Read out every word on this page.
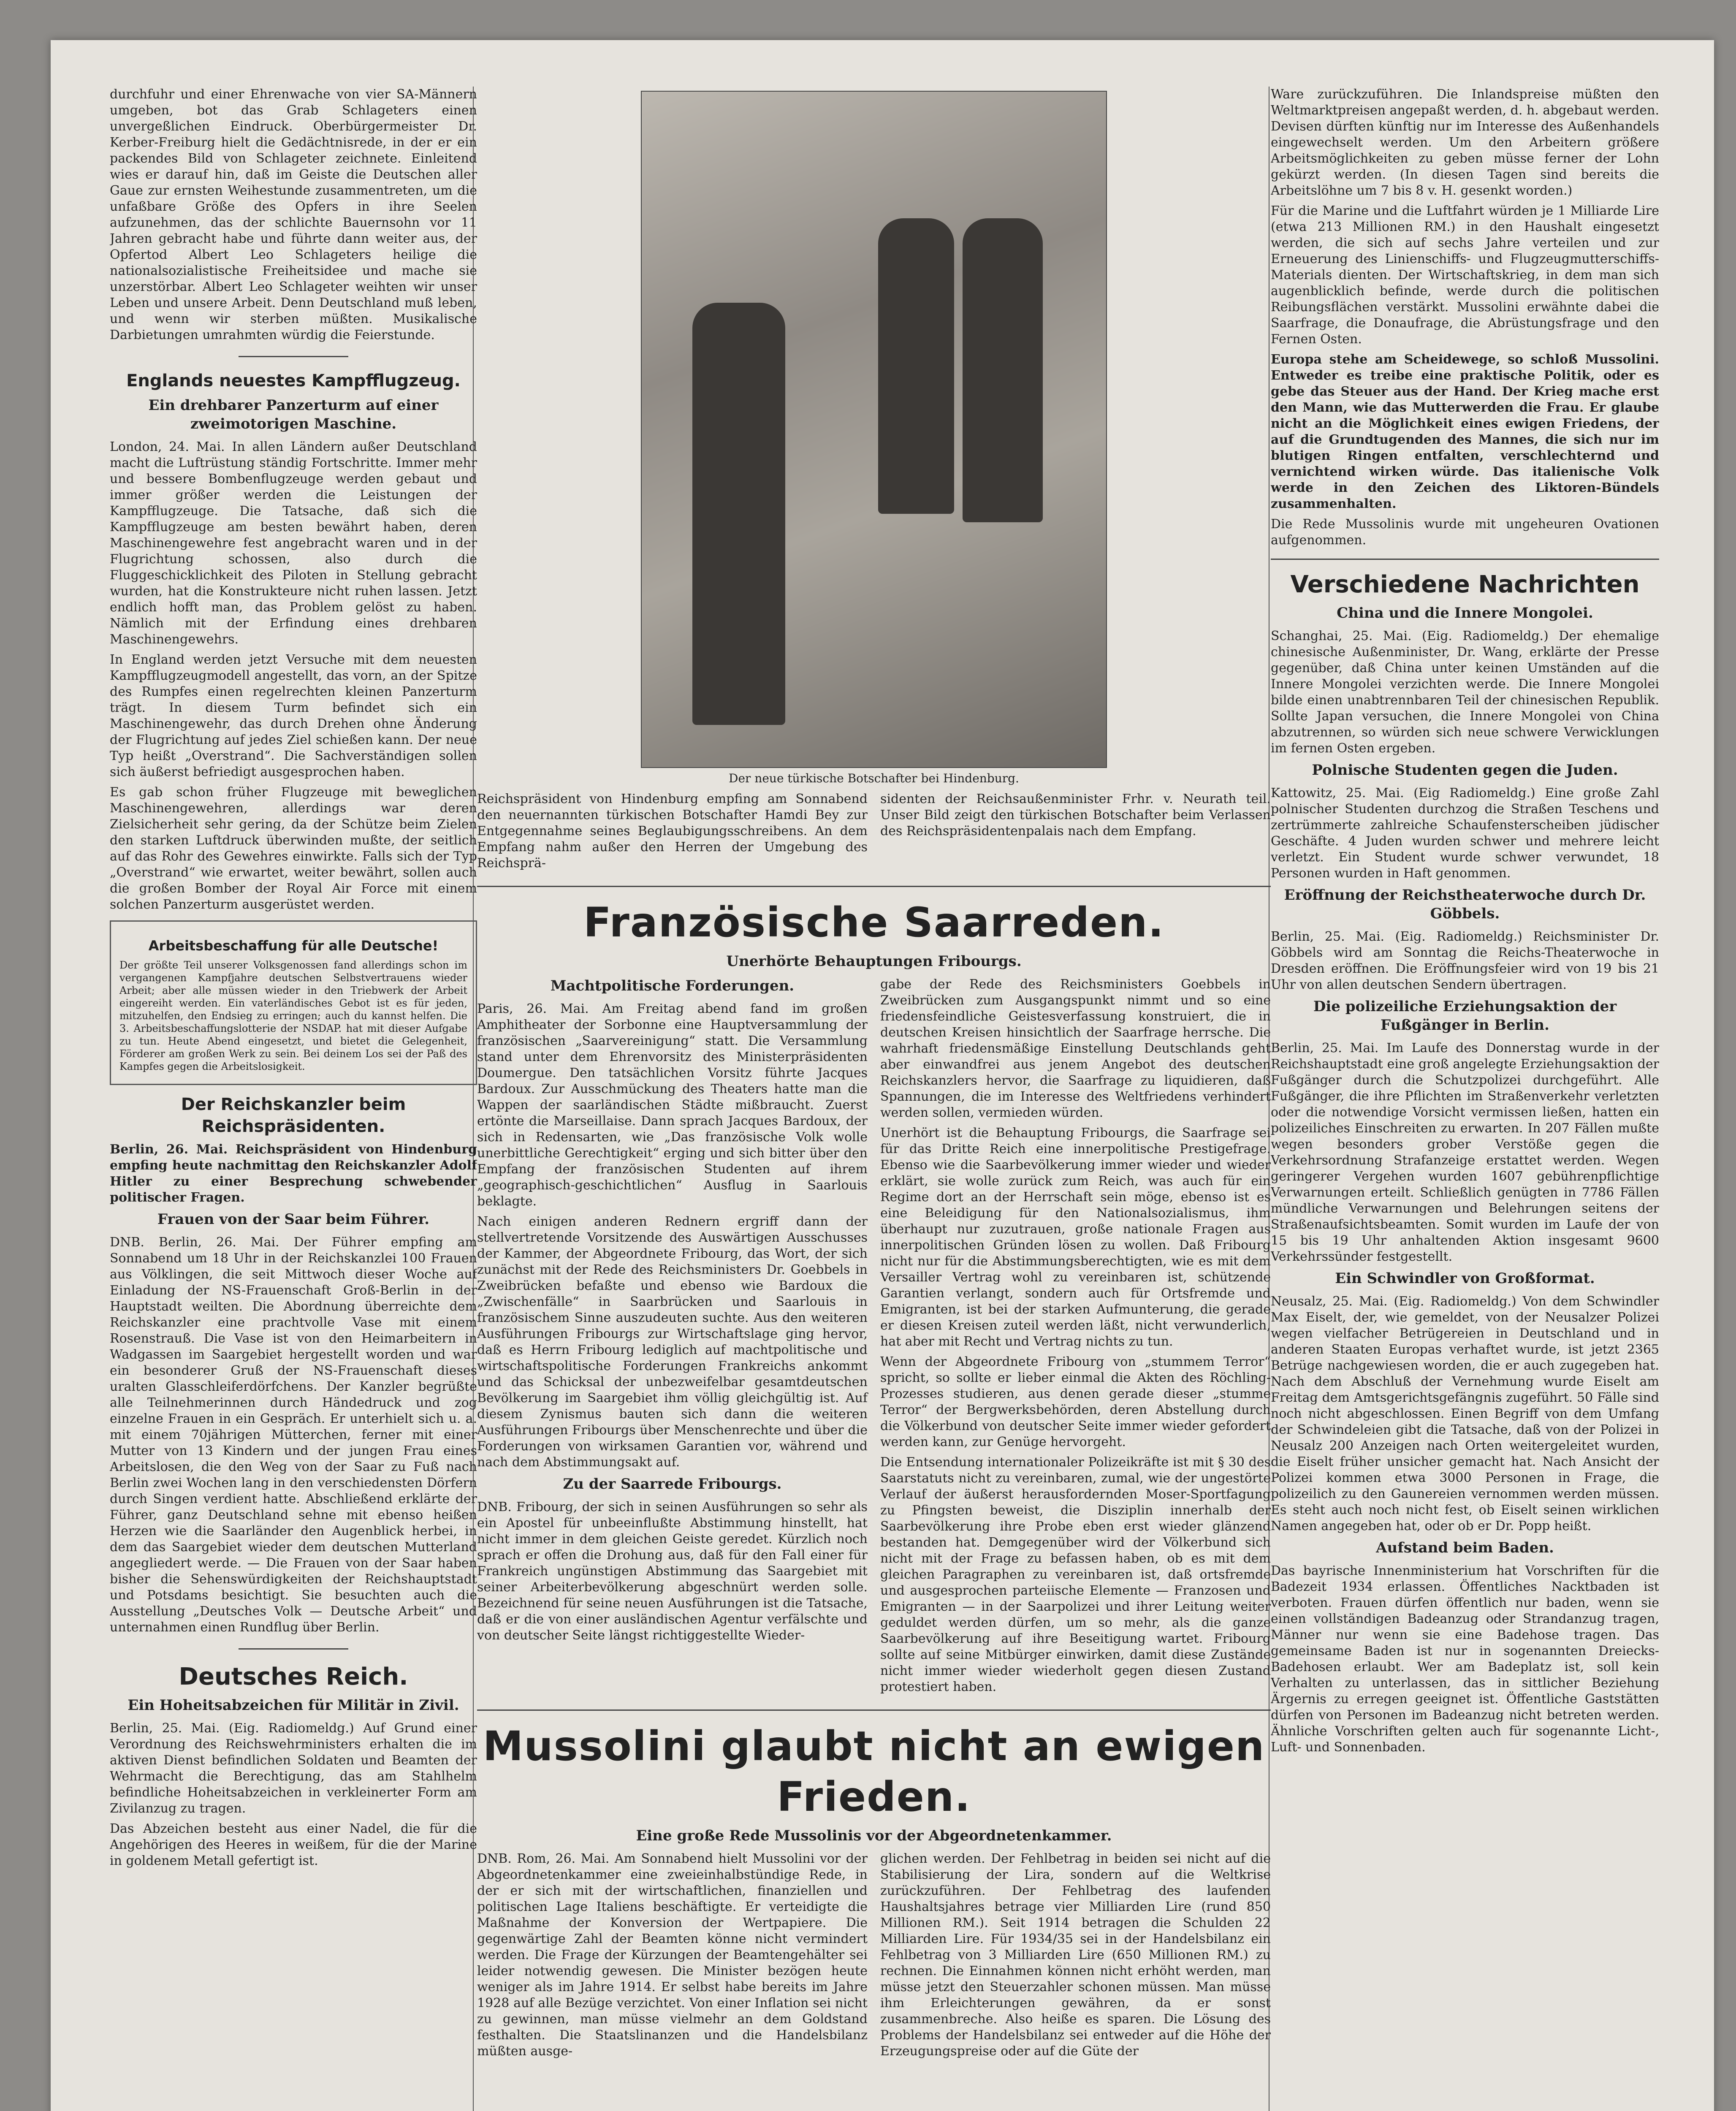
durchfuhr und einer Ehrenwache von vier SA-Männern umgeben, bot das Grab Schlageters einen unvergeßlichen Eindruck. Oberbürgermeister Dr. Kerber-Freiburg hielt die Gedächtnisrede, in der er ein packendes Bild von Schlageter zeichnete. Einleitend wies er darauf hin, daß im Geiste die Deutschen aller Gaue zur ernsten Weihestunde zusammentreten, um die unfaßbare Größe des Opfers in ihre Seelen aufzunehmen, das der schlichte Bauernsohn vor 11 Jahren gebracht habe und führte dann weiter aus, der Opfertod Albert Leo Schlageters heilige die nationalsozialistische Freiheitsidee und mache sie unzerstörbar. Albert Leo Schlageter weihten wir unser Leben und unsere Arbeit. Denn Deutschland muß leben, und wenn wir sterben müßten. Musikalische Darbietungen umrahmten würdig die Feierstunde.

Englands neuestes Kampfflugzeug.
Ein drehbarer Panzerturm auf einer zweimotorigen Maschine.

London, 24. Mai. In allen Ländern außer Deutschland macht die Luftrüstung ständig Fortschritte. Immer mehr und bessere Bombenflugzeuge werden gebaut und immer größer werden die Leistungen der Kampfflugzeuge. Die Tatsache, daß sich die Kampfflugzeuge am besten bewährt haben, deren Maschinengewehre fest angebracht waren und in der Flugrichtung schossen, also durch die Fluggeschicklichkeit des Piloten in Stellung gebracht wurden, hat die Konstrukteure nicht ruhen lassen. Jetzt endlich hofft man, das Problem gelöst zu haben. Nämlich mit der Erfindung eines drehbaren Maschinengewehrs.

In England werden jetzt Versuche mit dem neuesten Kampfflugzeugmodell angestellt, das vorn, an der Spitze des Rumpfes einen regelrechten kleinen Panzerturm trägt. In diesem Turm befindet sich ein Maschinengewehr, das durch Drehen ohne Änderung der Flugrichtung auf jedes Ziel schießen kann. Der neue Typ heißt „Overstrand“. Die Sachverständigen sollen sich äußerst befriedigt ausgesprochen haben.

Es gab schon früher Flugzeuge mit beweglichen Maschinengewehren, allerdings war deren Zielsicherheit sehr gering, da der Schütze beim Zielen den starken Luftdruck überwinden mußte, der seitlich auf das Rohr des Gewehres einwirkte. Falls sich der Typ „Overstrand“ wie erwartet, weiter bewährt, sollen auch die großen Bomber der Royal Air Force mit einem solchen Panzerturm ausgerüstet werden.

Arbeitsbeschaffung für alle Deutsche!

Der größte Teil unserer Volksgenossen fand allerdings schon im vergangenen Kampfjahre deutschen Selbstvertrauens wieder Arbeit; aber alle müssen wieder in den Triebwerk der Arbeit eingereiht werden. Ein vaterländisches Gebot ist es für jeden, mitzuhelfen, den Endsieg zu erringen; auch du kannst helfen. Die 3. Arbeitsbeschaffungslotterie der NSDAP. hat mit dieser Aufgabe zu tun. Heute Abend eingesetzt, und bietet die Gelegenheit, Förderer am großen Werk zu sein. Bei deinem Los sei der Paß des Kampfes gegen die Arbeitslosigkeit.

Der Reichskanzler beim Reichspräsidenten.

Berlin, 26. Mai. Reichspräsident von Hindenburg empfing heute nachmittag den Reichskanzler Adolf Hitler zu einer Besprechung schwebender politischer Fragen.

Frauen von der Saar beim Führer.

DNB. Berlin, 26. Mai. Der Führer empfing am Sonnabend um 18 Uhr in der Reichskanzlei 100 Frauen aus Völklingen, die seit Mittwoch dieser Woche auf Einladung der NS-Frauenschaft Groß-Berlin in der Hauptstadt weilten. Die Abordnung überreichte dem Reichskanzler eine prachtvolle Vase mit einem Rosenstrauß. Die Vase ist von den Heimarbeitern in Wadgassen im Saargebiet hergestellt worden und war ein besonderer Gruß der NS-Frauenschaft dieses uralten Glasschleiferdörfchens. Der Kanzler begrüßte alle Teilnehmerinnen durch Händedruck und zog einzelne Frauen in ein Gespräch. Er unterhielt sich u. a. mit einem 70jährigen Mütterchen, ferner mit einer Mutter von 13 Kindern und der jungen Frau eines Arbeitslosen, die den Weg von der Saar zu Fuß nach Berlin zwei Wochen lang in den verschiedensten Dörfern durch Singen verdient hatte. Abschließend erklärte der Führer, ganz Deutschland sehne mit ebenso heißen Herzen wie die Saarländer den Augenblick herbei, in dem das Saargebiet wieder dem deutschen Mutterland angegliedert werde. — Die Frauen von der Saar haben bisher die Sehenswürdigkeiten der Reichshauptstadt und Potsdams besichtigt. Sie besuchten auch die Ausstellung „Deutsches Volk — Deutsche Arbeit“ und unternahmen einen Rundflug über Berlin.

Deutsches Reich.
Ein Hoheitsabzeichen für Militär in Zivil.

Berlin, 25. Mai. (Eig. Radiomeldg.) Auf Grund einer Verordnung des Reichswehrministers erhalten die im aktiven Dienst befindlichen Soldaten und Beamten der Wehrmacht die Berechtigung, das am Stahlhelm befindliche Hoheitsabzeichen in verkleinerter Form am Zivilanzug zu tragen.

Das Abzeichen besteht aus einer Nadel, die für die Angehörigen des Heeres in weißem, für die der Marine in goldenem Metall gefertigt ist.

Der neue türkische Botschafter bei Hindenburg.

Reichspräsident von Hindenburg empfing am Sonnabend den neuernannten türkischen Botschafter Hamdi Bey zur Entgegennahme seines Beglaubigungsschreibens. An dem Empfang nahm außer den Herren der Umgebung des Reichsprä-

sidenten der Reichsaußenminister Frhr. v. Neurath teil. Unser Bild zeigt den türkischen Botschafter beim Verlassen des Reichspräsidentenpalais nach dem Empfang.

Französische Saarreden.
Unerhörte Behauptungen Fribourgs.
Machtpolitische Forderungen.

Paris, 26. Mai. Am Freitag abend fand im großen Amphitheater der Sorbonne eine Hauptversammlung der französischen „Saarvereinigung“ statt. Die Versammlung stand unter dem Ehrenvorsitz des Ministerpräsidenten Doumergue. Den tatsächlichen Vorsitz führte Jacques Bardoux. Zur Ausschmückung des Theaters hatte man die Wappen der saarländischen Städte mißbraucht. Zuerst ertönte die Marseillaise. Dann sprach Jacques Bardoux, der sich in Redensarten, wie „Das französische Volk wolle unerbittliche Gerechtigkeit“ erging und sich bitter über den Empfang der französischen Studenten auf ihrem „geographisch-geschichtlichen“ Ausflug in Saarlouis beklagte.

Nach einigen anderen Rednern ergriff dann der stellvertretende Vorsitzende des Auswärtigen Ausschusses der Kammer, der Abgeordnete Fribourg, das Wort, der sich zunächst mit der Rede des Reichsministers Dr. Goebbels in Zweibrücken befaßte und ebenso wie Bardoux die „Zwischenfälle“ in Saarbrücken und Saarlouis in französischem Sinne auszudeuten suchte. Aus den weiteren Ausführungen Fribourgs zur Wirtschaftslage ging hervor, daß es Herrn Fribourg lediglich auf machtpolitische und wirtschaftspolitische Forderungen Frankreichs ankommt und das Schicksal der unbezweifelbar gesamtdeutschen Bevölkerung im Saargebiet ihm völlig gleichgültig ist. Auf diesem Zynismus bauten sich dann die weiteren Ausführungen Fribourgs über Menschenrechte und über die Forderungen von wirksamen Garantien vor, während und nach dem Abstimmungsakt auf.

Zu der Saarrede Fribourgs.

DNB. Fribourg, der sich in seinen Ausführungen so sehr als ein Apostel für unbeeinflußte Abstimmung hinstellt, hat nicht immer in dem gleichen Geiste geredet. Kürzlich noch sprach er offen die Drohung aus, daß für den Fall einer für Frankreich ungünstigen Abstimmung das Saargebiet mit seiner Arbeiterbevölkerung abgeschnürt werden solle. Bezeichnend für seine neuen Ausführungen ist die Tatsache, daß er die von einer ausländischen Agentur verfälschte und von deutscher Seite längst richtiggestellte Wieder-

gabe der Rede des Reichsministers Goebbels in Zweibrücken zum Ausgangspunkt nimmt und so eine friedensfeindliche Geistesverfassung konstruiert, die in deutschen Kreisen hinsichtlich der Saarfrage herrsche. Die wahrhaft friedensmäßige Einstellung Deutschlands geht aber einwandfrei aus jenem Angebot des deutschen Reichskanzlers hervor, die Saarfrage zu liquidieren, daß Spannungen, die im Interesse des Weltfriedens verhindert werden sollen, vermieden würden.

Unerhört ist die Behauptung Fribourgs, die Saarfrage sei für das Dritte Reich eine innerpolitische Prestigefrage. Ebenso wie die Saarbevölkerung immer wieder und wieder erklärt, sie wolle zurück zum Reich, was auch für ein Regime dort an der Herrschaft sein möge, ebenso ist es eine Beleidigung für den Nationalsozialismus, ihm überhaupt nur zuzutrauen, große nationale Fragen aus innerpolitischen Gründen lösen zu wollen. Daß Fribourg nicht nur für die Abstimmungsberechtigten, wie es mit dem Versailler Vertrag wohl zu vereinbaren ist, schützende Garantien verlangt, sondern auch für Ortsfremde und Emigranten, ist bei der starken Aufmunterung, die gerade er diesen Kreisen zuteil werden läßt, nicht verwunderlich, hat aber mit Recht und Vertrag nichts zu tun.

Wenn der Abgeordnete Fribourg von „stummem Terror“ spricht, so sollte er lieber einmal die Akten des Röchling-Prozesses studieren, aus denen gerade dieser „stumme Terror“ der Bergwerksbehörden, deren Abstellung durch die Völkerbund von deutscher Seite immer wieder gefordert werden kann, zur Genüge hervorgeht.

Die Entsendung internationaler Polizeikräfte ist mit § 30 des Saarstatuts nicht zu vereinbaren, zumal, wie der ungestörte Verlauf der äußerst herausfordernden Moser-Sportfagung zu Pfingsten beweist, die Disziplin innerhalb der Saarbevölkerung ihre Probe eben erst wieder glänzend bestanden hat. Demgegenüber wird der Völkerbund sich nicht mit der Frage zu befassen haben, ob es mit dem gleichen Paragraphen zu vereinbaren ist, daß ortsfremde und ausgesprochen parteiische Elemente — Franzosen und Emigranten — in der Saarpolizei und ihrer Leitung weiter geduldet werden dürfen, um so mehr, als die ganze Saarbevölkerung auf ihre Beseitigung wartet. Fribourg sollte auf seine Mitbürger einwirken, damit diese Zustände nicht immer wieder wiederholt gegen diesen Zustand protestiert haben.

Mussolini glaubt nicht an ewigen Frieden.
Eine große Rede Mussolinis vor der Abgeordnetenkammer.

DNB. Rom, 26. Mai. Am Sonnabend hielt Mussolini vor der Abgeordnetenkammer eine zweieinhalbstündige Rede, in der er sich mit der wirtschaftlichen, finanziellen und politischen Lage Italiens beschäftigte. Er verteidigte die Maßnahme der Konversion der Wertpapiere. Die gegenwärtige Zahl der Beamten könne nicht vermindert werden. Die Frage der Kürzungen der Beamtengehälter sei leider notwendig gewesen. Die Minister bezögen heute weniger als im Jahre 1914. Er selbst habe bereits im Jahre 1928 auf alle Bezüge verzichtet. Von einer Inflation sei nicht zu gewinnen, man müsse vielmehr an dem Goldstand festhalten. Die Staatslinanzen und die Handelsbilanz müßten ausge-

glichen werden. Der Fehlbetrag in beiden sei nicht auf die Stabilisierung der Lira, sondern auf die Weltkrise zurückzuführen. Der Fehlbetrag des laufenden Haushaltsjahres betrage vier Milliarden Lire (rund 850 Millionen RM.). Seit 1914 betragen die Schulden 22 Milliarden Lire. Für 1934/35 sei in der Handelsbilanz ein Fehlbetrag von 3 Milliarden Lire (650 Millionen RM.) zu rechnen. Die Einnahmen können nicht erhöht werden, man müsse jetzt den Steuerzahler schonen müssen. Man müsse ihm Erleichterungen gewähren, da er sonst zusammenbreche. Also heiße es sparen. Die Lösung des Problems der Handelsbilanz sei entweder auf die Höhe der Erzeugungspreise oder auf die Güte der

Ware zurückzuführen. Die Inlandspreise müßten den Weltmarktpreisen angepaßt werden, d. h. abgebaut werden. Devisen dürften künftig nur im Interesse des Außenhandels eingewechselt werden. Um den Arbeitern größere Arbeitsmöglichkeiten zu geben müsse ferner der Lohn gekürzt werden. (In diesen Tagen sind bereits die Arbeitslöhne um 7 bis 8 v. H. gesenkt worden.)

Für die Marine und die Luftfahrt würden je 1 Milliarde Lire (etwa 213 Millionen RM.) in den Haushalt eingesetzt werden, die sich auf sechs Jahre verteilen und zur Erneuerung des Linienschiffs- und Flugzeugmutterschiffs-Materials dienten. Der Wirtschaftskrieg, in dem man sich augenblicklich befinde, werde durch die politischen Reibungsflächen verstärkt. Mussolini erwähnte dabei die Saarfrage, die Donaufrage, die Abrüstungsfrage und den Fernen Osten.

Europa stehe am Scheidewege, so schloß Mussolini. Entweder es treibe eine praktische Politik, oder es gebe das Steuer aus der Hand. Der Krieg mache erst den Mann, wie das Mutterwerden die Frau. Er glaube nicht an die Möglichkeit eines ewigen Friedens, der auf die Grundtugenden des Mannes, die sich nur im blutigen Ringen entfalten, verschlechternd und vernichtend wirken würde. Das italienische Volk werde in den Zeichen des Liktoren-Bündels zusammenhalten.

Die Rede Mussolinis wurde mit ungeheuren Ovationen aufgenommen.

Verschiedene Nachrichten
China und die Innere Mongolei.

Schanghai, 25. Mai. (Eig. Radiomeldg.) Der ehemalige chinesische Außenminister, Dr. Wang, erklärte der Presse gegenüber, daß China unter keinen Umständen auf die Innere Mongolei verzichten werde. Die Innere Mongolei bilde einen unabtrennbaren Teil der chinesischen Republik. Sollte Japan versuchen, die Innere Mongolei von China abzutrennen, so würden sich neue schwere Verwicklungen im fernen Osten ergeben.

Polnische Studenten gegen die Juden.

Kattowitz, 25. Mai. (Eig Radiomeldg.) Eine große Zahl polnischer Studenten durchzog die Straßen Teschens und zertrümmerte zahlreiche Schaufensterscheiben jüdischer Geschäfte. 4 Juden wurden schwer und mehrere leicht verletzt. Ein Student wurde schwer verwundet, 18 Personen wurden in Haft genommen.

Eröffnung der Reichstheaterwoche durch Dr. Göbbels.

Berlin, 25. Mai. (Eig. Radiomeldg.) Reichsminister Dr. Göbbels wird am Sonntag die Reichs-Theaterwoche in Dresden eröffnen. Die Eröffnungsfeier wird von 19 bis 21 Uhr von allen deutschen Sendern übertragen.

Die polizeiliche Erziehungsaktion der Fußgänger in Berlin.

Berlin, 25. Mai. Im Laufe des Donnerstag wurde in der Reichshauptstadt eine groß angelegte Erziehungsaktion der Fußgänger durch die Schutzpolizei durchgeführt. Alle Fußgänger, die ihre Pflichten im Straßenverkehr verletzten oder die notwendige Vorsicht vermissen ließen, hatten ein polizeiliches Einschreiten zu erwarten. In 207 Fällen mußte wegen besonders grober Verstöße gegen die Verkehrsordnung Strafanzeige erstattet werden. Wegen geringerer Vergehen wurden 1607 gebührenpflichtige Verwarnungen erteilt. Schließlich genügten in 7786 Fällen mündliche Verwarnungen und Belehrungen seitens der Straßenaufsichtsbeamten. Somit wurden im Laufe der von 15 bis 19 Uhr anhaltenden Aktion insgesamt 9600 Verkehrssünder festgestellt.

Ein Schwindler von Großformat.

Neusalz, 25. Mai. (Eig. Radiomeldg.) Von dem Schwindler Max Eiselt, der, wie gemeldet, von der Neusalzer Polizei wegen vielfacher Betrügereien in Deutschland und in anderen Staaten Europas verhaftet wurde, ist jetzt 2365 Betrüge nachgewiesen worden, die er auch zugegeben hat. Nach dem Abschluß der Vernehmung wurde Eiselt am Freitag dem Amtsgerichtsgefängnis zugeführt. 50 Fälle sind noch nicht abgeschlossen. Einen Begriff von dem Umfang der Schwindeleien gibt die Tatsache, daß von der Polizei in Neusalz 200 Anzeigen nach Orten weitergeleitet wurden, die Eiselt früher unsicher gemacht hat. Nach Ansicht der Polizei kommen etwa 3000 Personen in Frage, die polizeilich zu den Gaunereien vernommen werden müssen. Es steht auch noch nicht fest, ob Eiselt seinen wirklichen Namen angegeben hat, oder ob er Dr. Popp heißt.

Aufstand beim Baden.

Das bayrische Innenministerium hat Vorschriften für die Badezeit 1934 erlassen. Öffentliches Nacktbaden ist verboten. Frauen dürfen öffentlich nur baden, wenn sie einen vollständigen Badeanzug oder Strandanzug tragen, Männer nur wenn sie eine Badehose tragen. Das gemeinsame Baden ist nur in sogenannten Dreiecks-Badehosen erlaubt. Wer am Badeplatz ist, soll kein Verhalten zu unterlassen, das in sittlicher Beziehung Ärgernis zu erregen geeignet ist. Öffentliche Gaststätten dürfen von Personen im Badeanzug nicht betreten werden. Ähnliche Vorschriften gelten auch für sogenannte Licht-, Luft- und Sonnenbaden.
